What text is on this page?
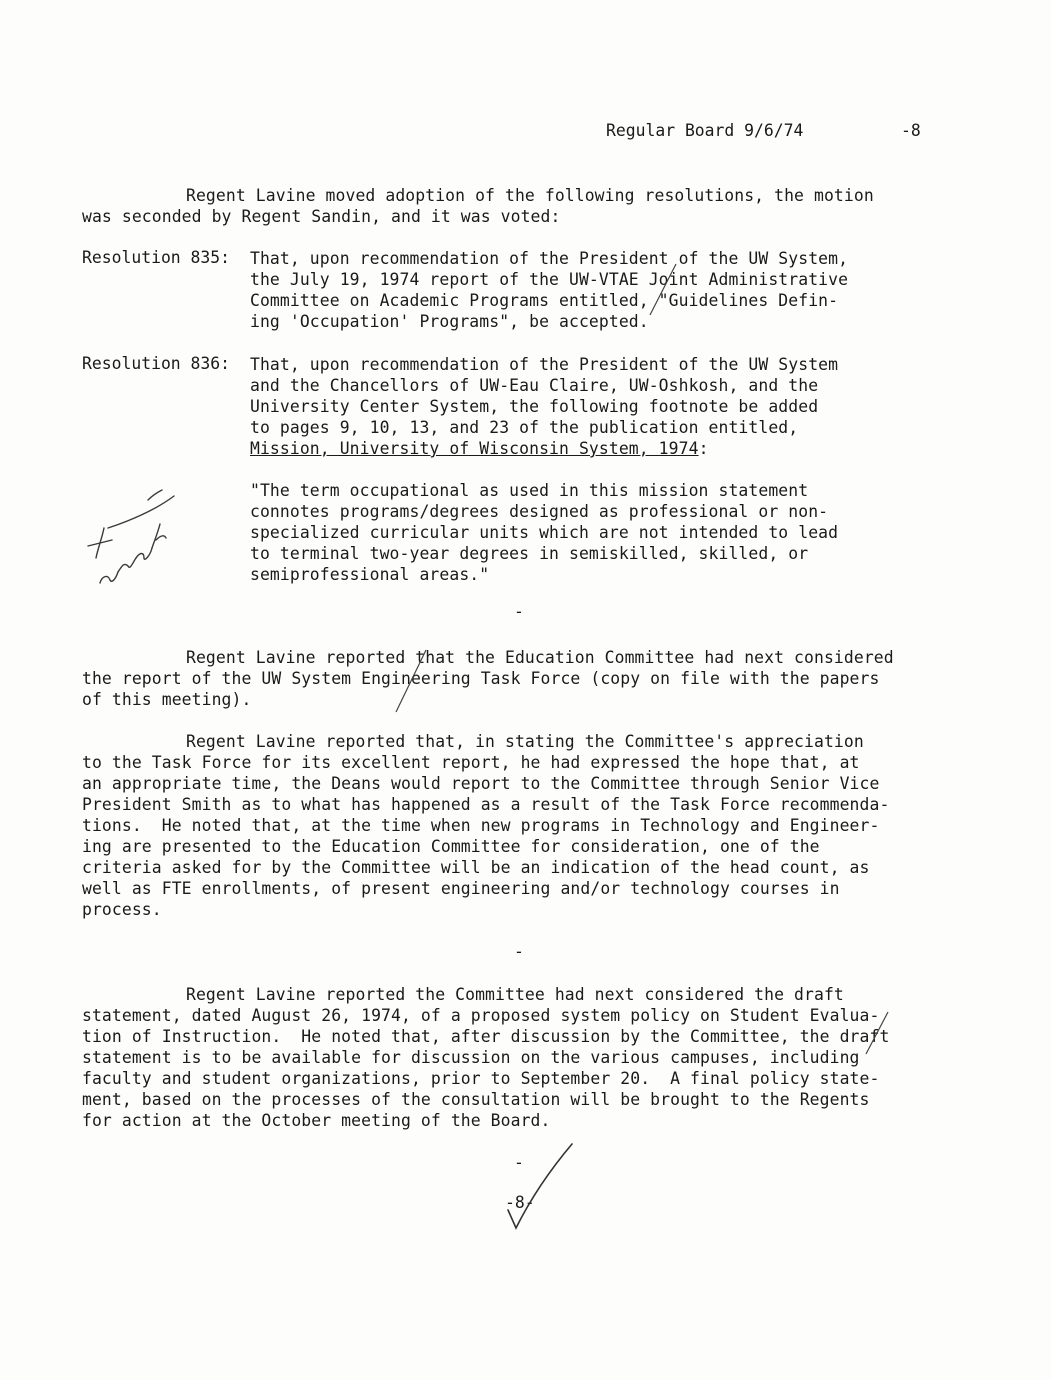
Regular Board 9/6/74	-8
Regent Lavine moved adoption of the following resolutions, the motion
was seconded by Regent Sandin, and it was voted:
Resolution 835: That, upon recommendation of the President of the UW System,
the July 19, 1974 report of the UW-VTAE Joint Administrative
Committee on Academic Programs entitled, "Guidelines Defin-
ing 'Occupation' Programs", be accepted.
Resolution 836: That, upon recommendation of the President of the UW System
and the Chancellors of UW-Eau Claire, UW-Oshkosh, and the
University Center System, the following footnote be added
to pages 9, 10, 13, and 23 of the publication entitled,
Mission, University of Wisconsin System, 1974:
"The term occupational as used in this mission statement
connotes programs/degrees designed as professional or non-
specialized curricular units which are not intended to lead
to terminal two-year degrees in semiskilled, skilled, or
semiprofessional areas."
-
Regent Lavine reported that the Education Committee had next considered
the report of the UW System Engineering Task Force (copy on file with the papers
of this meeting).
Regent Lavine reported that, in stating the Committee's appreciation
to the Task Force for its excellent report, he had expressed the hope that, at
an appropriate time, the Deans would report to the Committee through Senior Vice
President Smith as to what has happened as a result of the Task Force recommenda-
tions.  He noted that, at the time when new programs in Technology and Engineer-
ing are presented to the Education Committee for consideration, one of the
criteria asked for by the Committee will be an indication of the head count, as
well as FTE enrollments, of present engineering and/or technology courses in
process.
-
Regent Lavine reported the Committee had next considered the draft
statement, dated August 26, 1974, of a proposed system policy on Student Evalua-
tion of Instruction.  He noted that, after discussion by the Committee, the draft
statement is to be available for discussion on the various campuses, including
faculty and student organizations, prior to September 20.  A final policy state-
ment, based on the processes of the consultation will be brought to the Regents
for action at the October meeting of the Board.
-
-8-
